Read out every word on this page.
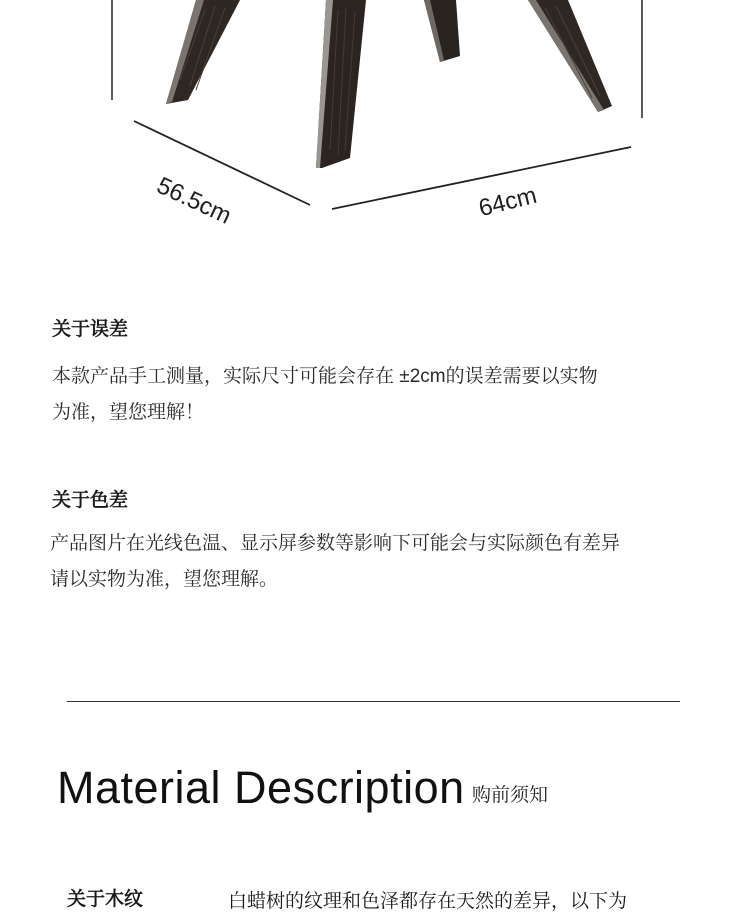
56.5cm	64cm
关于误差
本款产品手工测量，实际尺寸可能会存在 ±2cm的误差需要以实物
为准，望您理解！
关于色差
产品图片在光线色温、显示屏参数等影响下可能会与实际颜色有差异
请以实物为准，望您理解。
Material Description 购前须知
关于木纹	白蜡树的纹理和色泽都存在天然的差异，以下为
